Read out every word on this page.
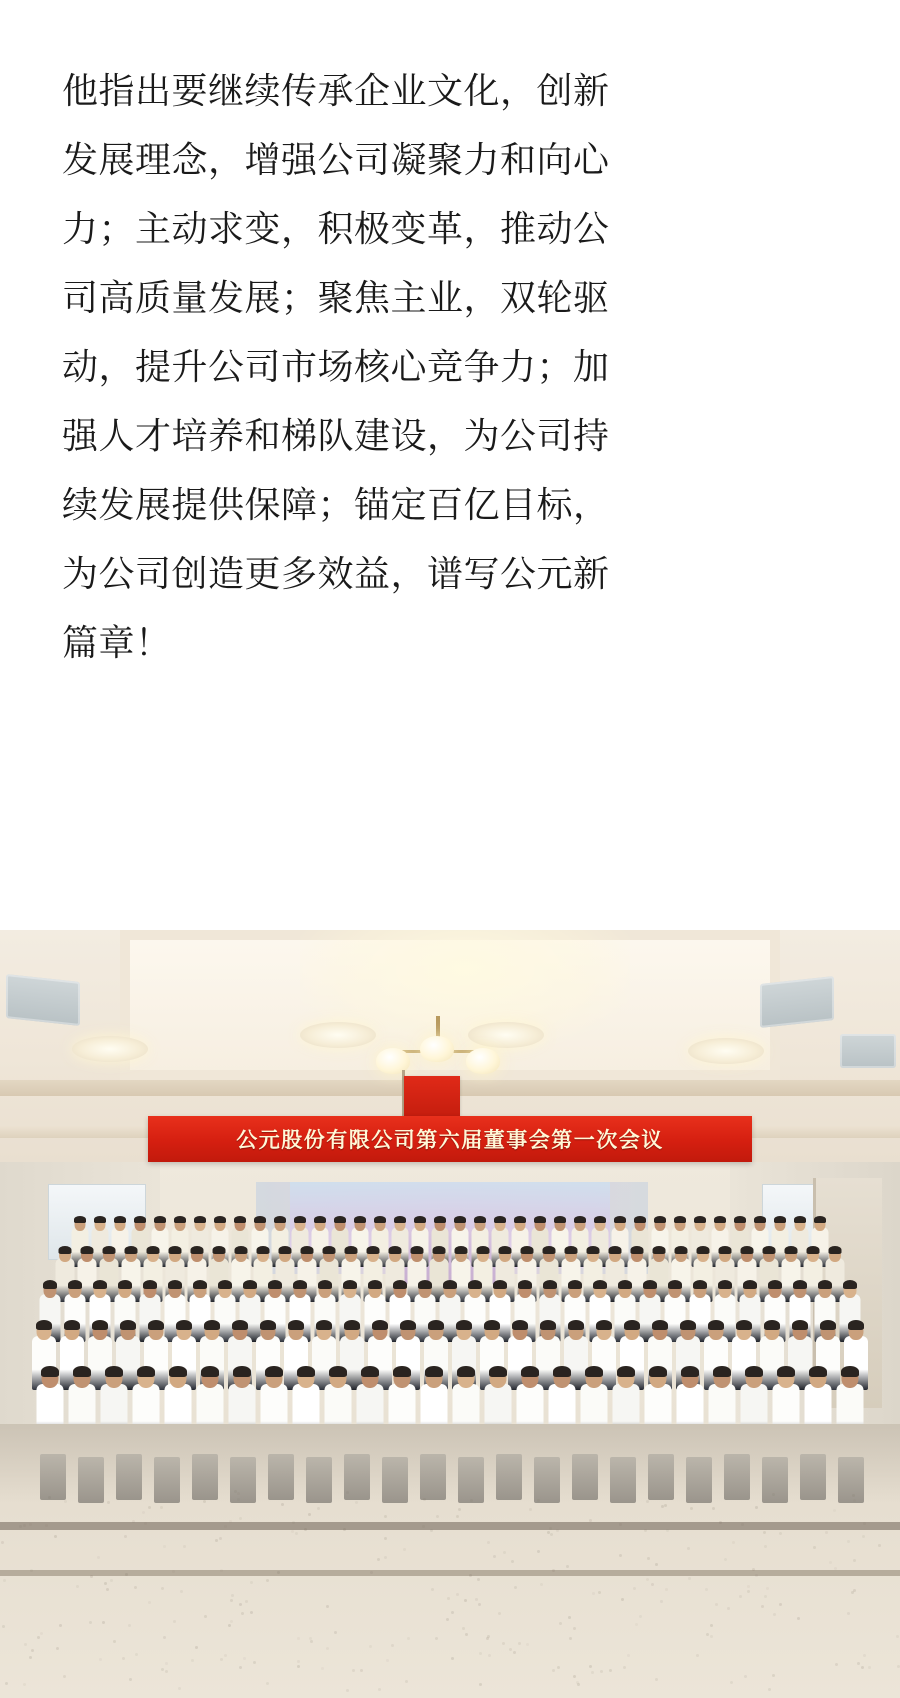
他指出要继续传承企业文化，创新发展理念，增强公司凝聚力和向心力；主动求变，积极变革，推动公司高质量发展；聚焦主业，双轮驱动，提升公司市场核心竞争力；加强人才培养和梯队建设，为公司持续发展提供保障；锚定百亿目标，为公司创造更多效益，谱写公元新篇章！

公元股份有限公司第六届董事会第一次会议
